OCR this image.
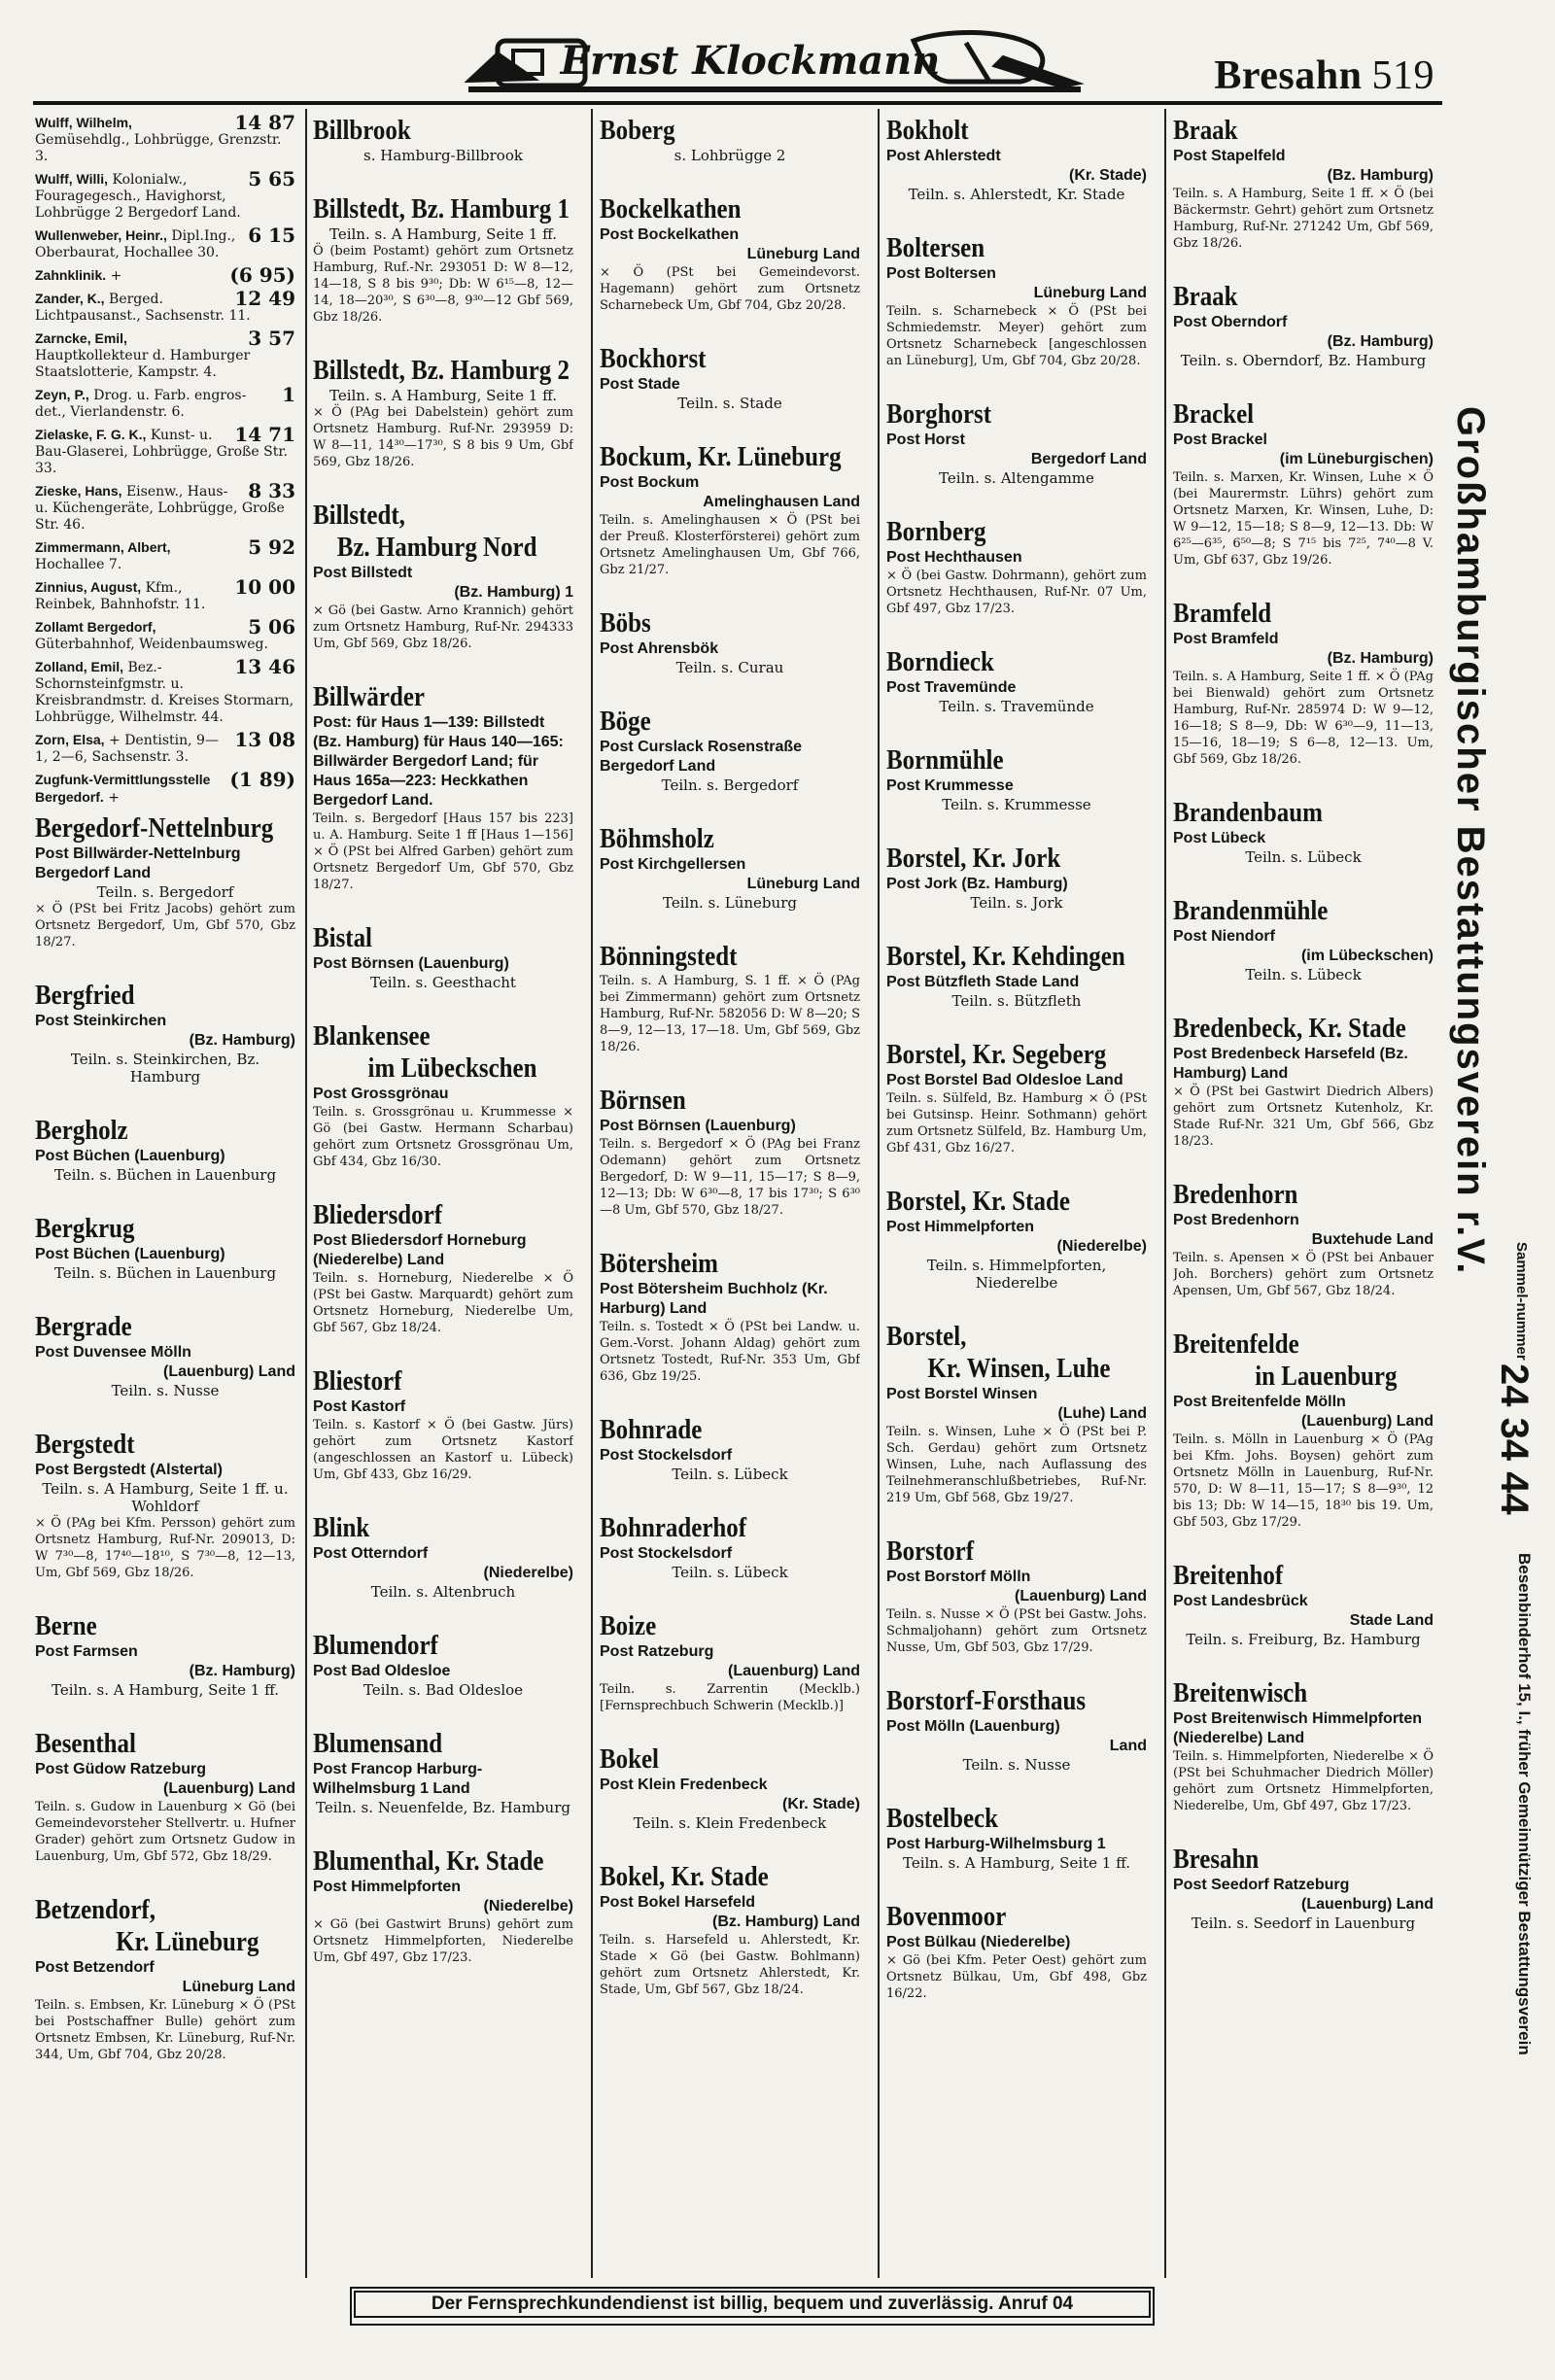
Ernst Klockmann	Bresahn 519
14 87
Wulff, Wilhelm, Gemüsehdlg., Lohbrügge, Grenzstr. 3.
5 65
Wulff, Willi, Kolonialw., Fouragegesch., Havighorst, Lohbrügge 2 Bergedorf Land.
6 15
Wullenweber, Heinr., Dipl.Ing., Oberbaurat, Hochallee 30.
(6 95)
Zahnklinik. +
12 49
Zander, K., Berged. Lichtpausanst., Sachsenstr. 11.
3 57
Zarncke, Emil, Hauptkollekteur d. Hamburger Staatslotterie, Kampstr. 4.
1
Zeyn, P., Drog. u. Farb. engros-det., Vierlandenstr. 6.
14 71
Zielaske, F. G. K., Kunst- u. Bau-Glaserei, Lohbrügge, Große Str. 33.
8 33
Zieske, Hans, Eisenw., Haus- u. Küchengeräte, Lohbrügge, Große Str. 46.
5 92
Zimmermann, Albert, Hochallee 7.
10 00
Zinnius, August, Kfm., Reinbek, Bahnhofstr. 11.
5 06
Zollamt Bergedorf, Güterbahnhof, Weidenbaumsweg.
13 46
Zolland, Emil, Bez.-Schornsteinfgmstr. u. Kreisbrandmstr. d. Kreises Stormarn, Lohbrügge, Wilhelmstr. 44.
13 08
Zorn, Elsa, + Dentistin, 9—1, 2—6, Sachsenstr. 3.
(1 89)
Zugfunk-Vermittlungsstelle Bergedorf. +
Bergedorf-Nettelnburg
Post Billwärder-Nettelnburg Bergedorf Land
Teiln. s. Bergedorf
× Ö (PSt bei Fritz Jacobs) gehört zum Ortsnetz Bergedorf, Um, Gbf 570, Gbz 18/27.
Bergfried
Post Steinkirchen
(Bz. Hamburg)
Teiln. s. Steinkirchen, Bz. Hamburg
Bergholz
Post Büchen (Lauenburg)
Teiln. s. Büchen in Lauenburg
Bergkrug
Post Büchen (Lauenburg)
Teiln. s. Büchen in Lauenburg
Bergrade
Post Duvensee Mölln
(Lauenburg) Land
Teiln. s. Nusse
Bergstedt
Post Bergstedt (Alstertal)
Teiln. s. A Hamburg, Seite 1 ff. u. Wohldorf
× Ö (PAg bei Kfm. Persson) gehört zum Ortsnetz Hamburg, Ruf-Nr. 209013, D: W 7³⁰—8, 17⁴⁰—18¹⁰, S 7³⁰—8, 12—13, Um, Gbf 569, Gbz 18/26.
Berne
Post Farmsen
(Bz. Hamburg)
Teiln. s. A Hamburg, Seite 1 ff.
Besenthal
Post Güdow Ratzeburg
(Lauenburg) Land
Teiln. s. Gudow in Lauenburg × Gö (bei Gemeindevorsteher Stellvertr. u. Hufner Grader) gehört zum Ortsnetz Gudow in Lauenburg, Um, Gbf 572, Gbz 18/29.
Betzendorf,
Kr. Lüneburg
Post Betzendorf
Lüneburg Land
Teiln. s. Embsen, Kr. Lüneburg × Ö (PSt bei Postschaffner Bulle) gehört zum Ortsnetz Embsen, Kr. Lüneburg, Ruf-Nr. 344, Um, Gbf 704, Gbz 20/28.
Billbrook
s. Hamburg-Billbrook
Billstedt, Bz. Hamburg 1
Teiln. s. A Hamburg, Seite 1 ff.
Ö (beim Postamt) gehört zum Ortsnetz Hamburg, Ruf.-Nr. 293051 D: W 8—12, 14—18, S 8 bis 9³⁰; Db: W 6¹⁵—8, 12—14, 18—20³⁰, S 6³⁰—8, 9³⁰—12 Gbf 569, Gbz 18/26.
Billstedt, Bz. Hamburg 2
Teiln. s. A Hamburg, Seite 1 ff.
× Ö (PAg bei Dabelstein) gehört zum Ortsnetz Hamburg. Ruf-Nr. 293959 D: W 8—11, 14³⁰—17³⁰, S 8 bis 9 Um, Gbf 569, Gbz 18/26.
Billstedt,
Bz. Hamburg Nord
Post Billstedt
(Bz. Hamburg) 1
× Gö (bei Gastw. Arno Krannich) gehört zum Ortsnetz Hamburg, Ruf-Nr. 294333 Um, Gbf 569, Gbz 18/26.
Billwärder
Post: für Haus 1—139: Billstedt (Bz. Hamburg) für Haus 140—165: Billwärder Bergedorf Land; für Haus 165a—223: Heckkathen Bergedorf Land.
Teiln. s. Bergedorf [Haus 157 bis 223] u. A. Hamburg. Seite 1 ff [Haus 1—156] × Ö (PSt bei Alfred Garben) gehört zum Ortsnetz Bergedorf Um, Gbf 570, Gbz 18/27.
Bistal
Post Börnsen (Lauenburg)
Teiln. s. Geesthacht
Blankensee
im Lübeckschen
Post Grossgrönau
Teiln. s. Grossgrönau u. Krummesse × Gö (bei Gastw. Hermann Scharbau) gehört zum Ortsnetz Grossgrönau Um, Gbf 434, Gbz 16/30.
Bliedersdorf
Post Bliedersdorf Horneburg (Niederelbe) Land
Teiln. s. Horneburg, Niederelbe × Ö (PSt bei Gastw. Marquardt) gehört zum Ortsnetz Horneburg, Niederelbe Um, Gbf 567, Gbz 18/24.
Bliestorf
Post Kastorf
Teiln. s. Kastorf × Ö (bei Gastw. Jürs) gehört zum Ortsnetz Kastorf (angeschlossen an Kastorf u. Lübeck) Um, Gbf 433, Gbz 16/29.
Blink
Post Otterndorf
(Niederelbe)
Teiln. s. Altenbruch
Blumendorf
Post Bad Oldesloe
Teiln. s. Bad Oldesloe
Blumensand
Post Francop Harburg-Wilhelmsburg 1 Land
Teiln. s. Neuenfelde, Bz. Hamburg
Blumenthal, Kr. Stade
Post Himmelpforten
(Niederelbe)
× Gö (bei Gastwirt Bruns) gehört zum Ortsnetz Himmelpforten, Niederelbe Um, Gbf 497, Gbz 17/23.
Boberg
s. Lohbrügge 2
Bockelkathen
Post Bockelkathen
Lüneburg Land
× Ö (PSt bei Gemeindevorst. Hagemann) gehört zum Ortsnetz Scharnebeck Um, Gbf 704, Gbz 20/28.
Bockhorst
Post Stade
Teiln. s. Stade
Bockum, Kr. Lüneburg
Post Bockum
Amelinghausen Land
Teiln. s. Amelinghausen × Ö (PSt bei der Preuß. Klosterförsterei) gehört zum Ortsnetz Amelinghausen Um, Gbf 766, Gbz 21/27.
Böbs
Post Ahrensbök
Teiln. s. Curau
Böge
Post Curslack Rosenstraße Bergedorf Land
Teiln. s. Bergedorf
Böhmsholz
Post Kirchgellersen
Lüneburg Land
Teiln. s. Lüneburg
Bönningstedt
Teiln. s. A Hamburg, S. 1 ff. × Ö (PAg bei Zimmermann) gehört zum Ortsnetz Hamburg, Ruf-Nr. 582056 D: W 8—20; S 8—9, 12—13, 17—18. Um, Gbf 569, Gbz 18/26.
Börnsen
Post Börnsen (Lauenburg)
Teiln. s. Bergedorf × Ö (PAg bei Franz Odemann) gehört zum Ortsnetz Bergedorf, D: W 9—11, 15—17; S 8—9, 12—13; Db: W 6³⁰—8, 17 bis 17³⁰; S 6³⁰—8 Um, Gbf 570, Gbz 18/27.
Bötersheim
Post Bötersheim Buchholz (Kr. Harburg) Land
Teiln. s. Tostedt × Ö (PSt bei Landw. u. Gem.-Vorst. Johann Aldag) gehört zum Ortsnetz Tostedt, Ruf-Nr. 353 Um, Gbf 636, Gbz 19/25.
Bohnrade
Post Stockelsdorf
Teiln. s. Lübeck
Bohnraderhof
Post Stockelsdorf
Teiln. s. Lübeck
Boize
Post Ratzeburg
(Lauenburg) Land
Teiln. s. Zarrentin (Mecklb.) [Fernsprechbuch Schwerin (Mecklb.)]
Bokel
Post Klein Fredenbeck
(Kr. Stade)
Teiln. s. Klein Fredenbeck
Bokel, Kr. Stade
Post Bokel Harsefeld
(Bz. Hamburg) Land
Teiln. s. Harsefeld u. Ahlerstedt, Kr. Stade × Gö (bei Gastw. Bohlmann) gehört zum Ortsnetz Ahlerstedt, Kr. Stade, Um, Gbf 567, Gbz 18/24.
Bokholt
Post Ahlerstedt
(Kr. Stade)
Teiln. s. Ahlerstedt, Kr. Stade
Boltersen
Post Boltersen
Lüneburg Land
Teiln. s. Scharnebeck × Ö (PSt bei Schmiedemstr. Meyer) gehört zum Ortsnetz Scharnebeck [angeschlossen an Lüneburg], Um, Gbf 704, Gbz 20/28.
Borghorst
Post Horst
Bergedorf Land
Teiln. s. Altengamme
Bornberg
Post Hechthausen
× Ö (bei Gastw. Dohrmann), gehört zum Ortsnetz Hechthausen, Ruf-Nr. 07 Um, Gbf 497, Gbz 17/23.
Borndieck
Post Travemünde
Teiln. s. Travemünde
Bornmühle
Post Krummesse
Teiln. s. Krummesse
Borstel, Kr. Jork
Post Jork (Bz. Hamburg)
Teiln. s. Jork
Borstel, Kr. Kehdingen
Post Bützfleth Stade Land
Teiln. s. Bützfleth
Borstel, Kr. Segeberg
Post Borstel Bad Oldesloe Land
Teiln. s. Sülfeld, Bz. Hamburg × Ö (PSt bei Gutsinsp. Heinr. Sothmann) gehört zum Ortsnetz Sülfeld, Bz. Hamburg Um, Gbf 431, Gbz 16/27.
Borstel, Kr. Stade
Post Himmelpforten
(Niederelbe)
Teiln. s. Himmelpforten, Niederelbe
Borstel,
Kr. Winsen, Luhe
Post Borstel Winsen
(Luhe) Land
Teiln. s. Winsen, Luhe × Ö (PSt bei P. Sch. Gerdau) gehört zum Ortsnetz Winsen, Luhe, nach Auflassung des Teilnehmeranschlußbetriebes, Ruf-Nr. 219 Um, Gbf 568, Gbz 19/27.
Borstorf
Post Borstorf Mölln
(Lauenburg) Land
Teiln. s. Nusse × Ö (PSt bei Gastw. Johs. Schmaljohann) gehört zum Ortsnetz Nusse, Um, Gbf 503, Gbz 17/29.
Borstorf-Forsthaus
Post Mölln (Lauenburg)
Land
Teiln. s. Nusse
Bostelbeck
Post Harburg-Wilhelmsburg 1
Teiln. s. A Hamburg, Seite 1 ff.
Bovenmoor
Post Bülkau (Niederelbe)
× Gö (bei Kfm. Peter Oest) gehört zum Ortsnetz Bülkau, Um, Gbf 498, Gbz 16/22.
Braak
Post Stapelfeld
(Bz. Hamburg)
Teiln. s. A Hamburg, Seite 1 ff. × Ö (bei Bäckermstr. Gehrt) gehört zum Ortsnetz Hamburg, Ruf-Nr. 271242 Um, Gbf 569, Gbz 18/26.
Braak
Post Oberndorf
(Bz. Hamburg)
Teiln. s. Oberndorf, Bz. Hamburg
Brackel
Post Brackel
(im Lüneburgischen)
Teiln. s. Marxen, Kr. Winsen, Luhe × Ö (bei Maurermstr. Lührs) gehört zum Ortsnetz Marxen, Kr. Winsen, Luhe, D: W 9—12, 15—18; S 8—9, 12—13. Db: W 6²⁵—6³⁵, 6⁵⁰—8; S 7¹⁵ bis 7²⁵, 7⁴⁰—8 V. Um, Gbf 637, Gbz 19/26.
Bramfeld
Post Bramfeld
(Bz. Hamburg)
Teiln. s. A Hamburg, Seite 1 ff. × Ö (PAg bei Bienwald) gehört zum Ortsnetz Hamburg, Ruf-Nr. 285974 D: W 9—12, 16—18; S 8—9, Db: W 6³⁰—9, 11—13, 15—16, 18—19; S 6—8, 12—13. Um, Gbf 569, Gbz 18/26.
Brandenbaum
Post Lübeck
Teiln. s. Lübeck
Brandenmühle
Post Niendorf
(im Lübeckschen)
Teiln. s. Lübeck
Bredenbeck, Kr. Stade
Post Bredenbeck Harsefeld (Bz. Hamburg) Land
× Ö (PSt bei Gastwirt Diedrich Albers) gehört zum Ortsnetz Kutenholz, Kr. Stade Ruf-Nr. 321 Um, Gbf 566, Gbz 18/23.
Bredenhorn
Post Bredenhorn
Buxtehude Land
Teiln. s. Apensen × Ö (PSt bei Anbauer Joh. Borchers) gehört zum Ortsnetz Apensen, Um, Gbf 567, Gbz 18/24.
Breitenfelde
in Lauenburg
Post Breitenfelde Mölln
(Lauenburg) Land
Teiln. s. Mölln in Lauenburg × Ö (PAg bei Kfm. Johs. Boysen) gehört zum Ortsnetz Mölln in Lauenburg, Ruf-Nr. 570, D: W 8—11, 15—17; S 8—9³⁰, 12 bis 13; Db: W 14—15, 18³⁰ bis 19. Um, Gbf 503, Gbz 17/29.
Breitenhof
Post Landesbrück
Stade Land
Teiln. s. Freiburg, Bz. Hamburg
Breitenwisch
Post Breitenwisch Himmelpforten (Niederelbe) Land
Teiln. s. Himmelpforten, Niederelbe × Ö (PSt bei Schuhmacher Diedrich Möller) gehört zum Ortsnetz Himmelpforten, Niederelbe, Um, Gbf 497, Gbz 17/23.
Bresahn
Post Seedorf Ratzeburg
(Lauenburg) Land
Teiln. s. Seedorf in Lauenburg
Großhamburgischer Bestattungsverein r.V.
Sammel-nummer
24 34 44
Besenbinderhof 15, I., früher Gemeinnütziger Bestattungsverein
Der Fernsprechkundendienst ist billig, bequem und zuverlässig. Anruf 04
